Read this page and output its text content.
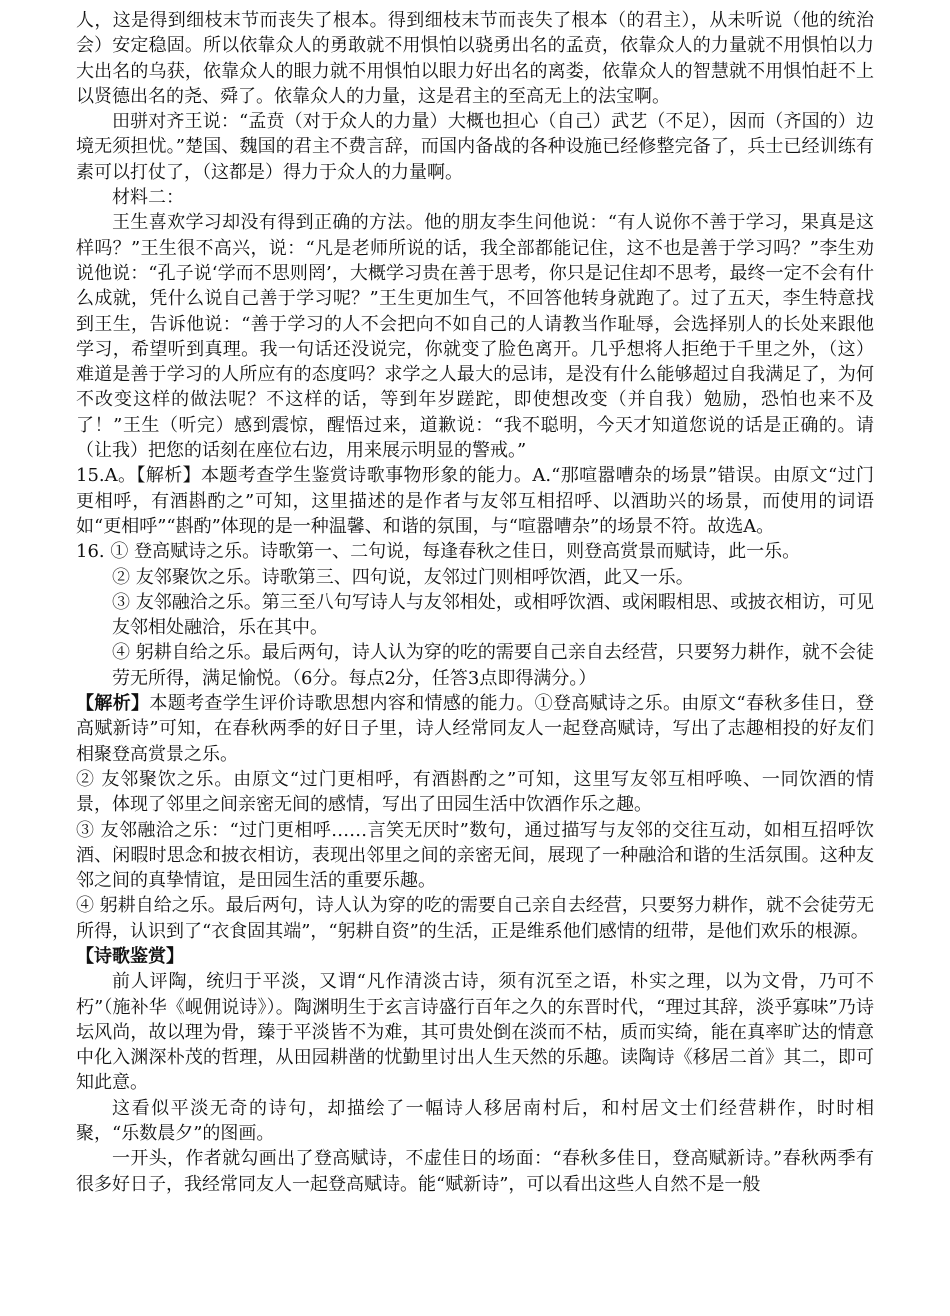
人，这是得到细枝末节而丧失了根本。得到细枝末节而丧失了根本（的君主），从未听说（他的统治会）安定稳固。所以依靠众人的勇敢就不用惧怕以骁勇出名的孟贲，依靠众人的力量就不用惧怕以力大出名的乌获，依靠众人的眼力就不用惧怕以眼力好出名的离娄，依靠众人的智慧就不用惧怕赶不上以贤德出名的尧、舜了。依靠众人的力量，这是君主的至高无上的法宝啊。

田骈对齐王说：“孟贲（对于众人的力量）大概也担心（自己）武艺（不足），因而（齐国的）边境无须担忧。”楚国、魏国的君主不费言辞，而国内备战的各种设施已经修整完备了，兵士已经训练有素可以打仗了，（这都是）得力于众人的力量啊。

材料二：

王生喜欢学习却没有得到正确的方法。他的朋友李生问他说：“有人说你不善于学习，果真是这样吗？”王生很不高兴，说：“凡是老师所说的话，我全部都能记住，这不也是善于学习吗？”李生劝说他说：“孔子说‘学而不思则罔’，大概学习贵在善于思考，你只是记住却不思考，最终一定不会有什么成就，凭什么说自己善于学习呢？”王生更加生气，不回答他转身就跑了。过了五天，李生特意找到王生，告诉他说：“善于学习的人不会把向不如自己的人请教当作耻辱，会选择别人的长处来跟他学习，希望听到真理。我一句话还没说完，你就变了脸色离开。几乎想将人拒绝于千里之外，（这）难道是善于学习的人所应有的态度吗？求学之人最大的忌讳，是没有什么能够超过自我满足了，为何不改变这样的做法呢？不这样的话，等到年岁蹉跎，即使想改变（并自我）勉励，恐怕也来不及了！”王生（听完）感到震惊，醒悟过来，道歉说：“我不聪明，今天才知道您说的话是正确的。请（让我）把您的话刻在座位右边，用来展示明显的警戒。”

15.A。【解析】本题考查学生鉴赏诗歌事物形象的能力。A.“那喧嚣嘈杂的场景”错误。由原文“过门更相呼，有酒斟酌之”可知，这里描述的是作者与友邻互相招呼、以酒助兴的场景，而使用的词语如“更相呼”“斟酌”体现的是一种温馨、和谐的氛围，与“喧嚣嘈杂”的场景不符。故选A。

16. ① 登高赋诗之乐。诗歌第一、二句说，每逢春秋之佳日，则登高赏景而赋诗，此一乐。

② 友邻聚饮之乐。诗歌第三、四句说，友邻过门则相呼饮酒，此又一乐。

③ 友邻融洽之乐。第三至八句写诗人与友邻相处，或相呼饮酒、或闲暇相思、或披衣相访，可见友邻相处融洽，乐在其中。

④ 躬耕自给之乐。最后两句，诗人认为穿的吃的需要自己亲自去经营，只要努力耕作，就不会徒劳无所得，满足愉悦。（6分。每点2分，任答3点即得满分。）

【解析】本题考查学生评价诗歌思想内容和情感的能力。①登高赋诗之乐。由原文“春秋多佳日，登高赋新诗”可知，在春秋两季的好日子里，诗人经常同友人一起登高赋诗，写出了志趣相投的好友们相聚登高赏景之乐。

② 友邻聚饮之乐。由原文“过门更相呼，有酒斟酌之”可知，这里写友邻互相呼唤、一同饮酒的情景，体现了邻里之间亲密无间的感情，写出了田园生活中饮酒作乐之趣。

③ 友邻融洽之乐：“过门更相呼……言笑无厌时”数句，通过描写与友邻的交往互动，如相互招呼饮酒、闲暇时思念和披衣相访，表现出邻里之间的亲密无间，展现了一种融洽和谐的生活氛围。这种友邻之间的真挚情谊，是田园生活的重要乐趣。

④ 躬耕自给之乐。最后两句，诗人认为穿的吃的需要自己亲自去经营，只要努力耕作，就不会徒劳无所得，认识到了“衣食固其端”，“躬耕自资”的生活，正是维系他们感情的纽带，是他们欢乐的根源。

【诗歌鉴赏】

前人评陶，统归于平淡，又谓“凡作清淡古诗，须有沉至之语，朴实之理，以为文骨，乃可不朽”（施补华《岘佣说诗》）。陶渊明生于玄言诗盛行百年之久的东晋时代，“理过其辞，淡乎寡味”乃诗坛风尚，故以理为骨，臻于平淡皆不为难，其可贵处倒在淡而不枯，质而实绮，能在真率旷达的情意中化入渊深朴茂的哲理，从田园耕凿的忧勤里讨出人生天然的乐趣。读陶诗《移居二首》其二，即可知此意。

这看似平淡无奇的诗句，却描绘了一幅诗人移居南村后，和村居文士们经营耕作，时时相聚，“乐数晨夕”的图画。

一开头，作者就勾画出了登高赋诗，不虚佳日的场面：“春秋多佳日，登高赋新诗。”春秋两季有很多好日子，我经常同友人一起登高赋诗。能“赋新诗”，可以看出这些人自然不是一般
